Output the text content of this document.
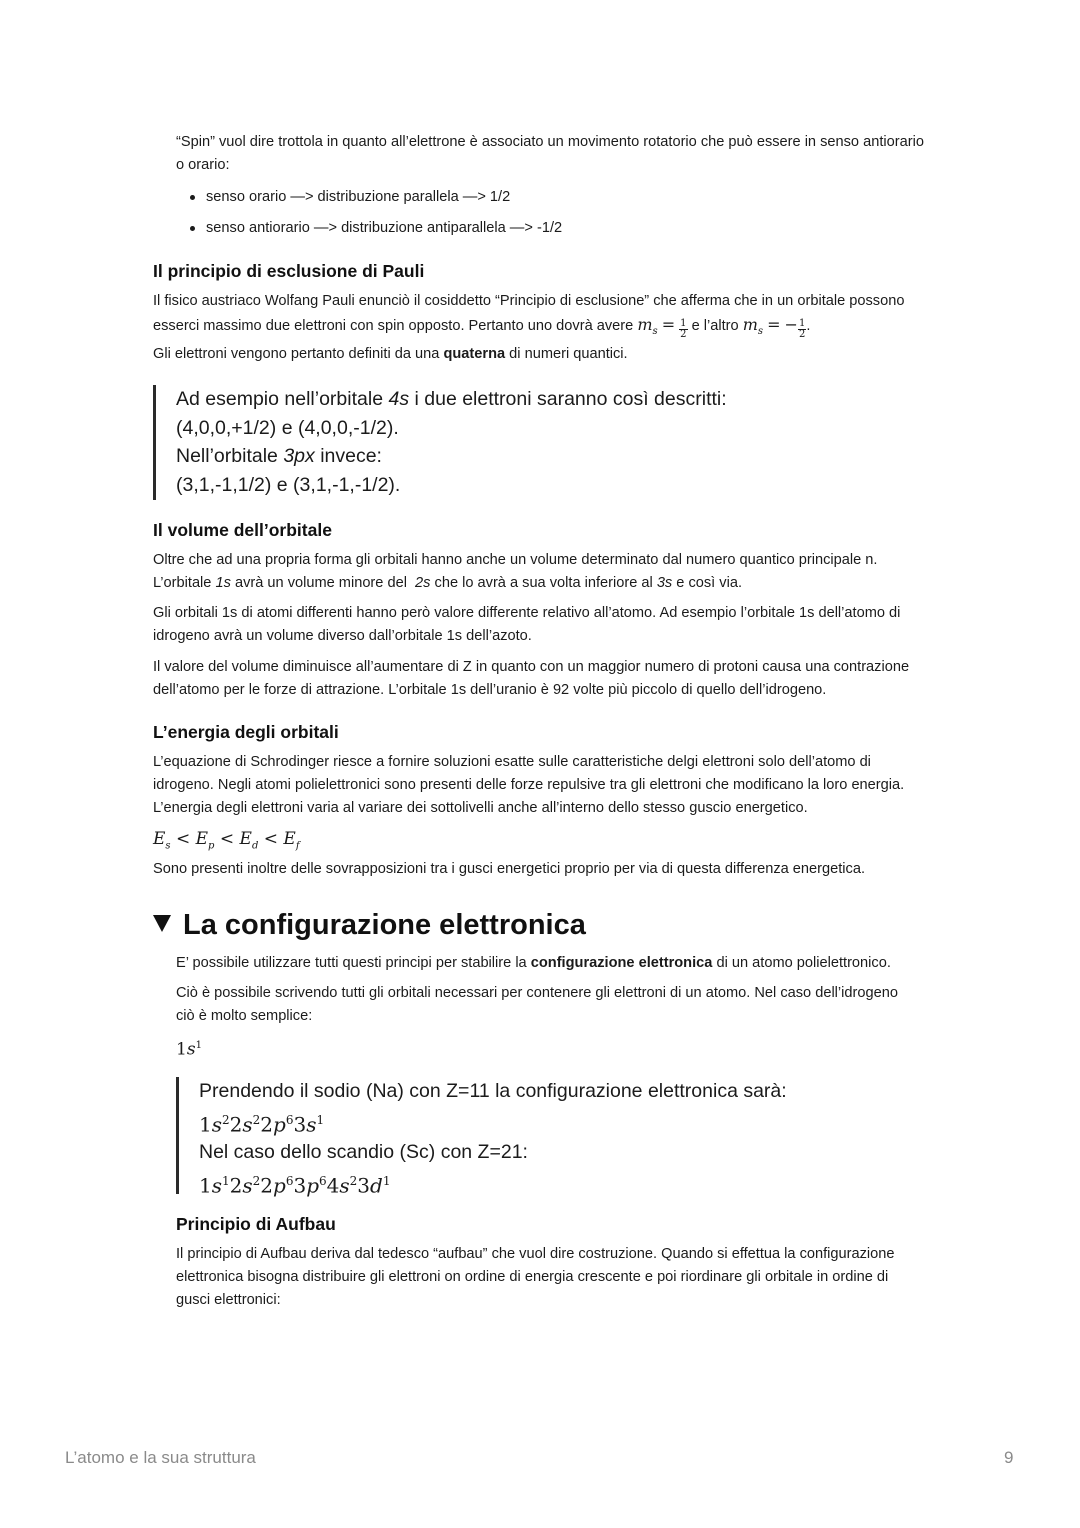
“Spin” vuol dire trottola in quanto all’elettrone è associato un movimento rotatorio che può essere in senso antiorario o orario:

senso orario —> distribuzione parallela —> 1/2
senso antiorario —> distribuzione antiparallela —> -1/2
Il principio di esclusione di Pauli

Il fisico austriaco Wolfang Pauli enunciò il cosiddetto “Principio di esclusione” che afferma che in un orbitale possono

esserci massimo due elettroni con spin opposto. Pertanto uno dovrà avere $m_s = \frac{1}{2}$ e l’altro $m_s$ = − $\frac{1}{2}$ .

Gli elettroni vengono pertanto definiti da una quaterna di numeri quantici.

Ad esempio nell’orbitale 4s i due elettroni saranno così descritti:
(4,0,0,+1/2) e (4,0,0,-1/2).
Nell’orbitale 3px invece:
(3,1,-1,1/2) e (3,1,-1,-1/2).
Il volume dell’orbitale

Oltre che ad una propria forma gli orbitali hanno anche un volume determinato dal numero quantico principale n.

L’orbitale 1s avrà un volume minore del 2s che lo avrà a sua volta inferiore al 3s e così via.

Gli orbitali 1s di atomi differenti hanno però valore differente relativo all’atomo. Ad esempio l’orbitale 1s dell’atomo di

idrogeno avrà un volume diverso dall’orbitale 1s dell’azoto.

Il valore del volume diminuisce all’aumentare di Z in quanto con un maggior numero di protoni causa una contrazione

dell’atomo per le forze di attrazione. L’orbitale 1s dell’uranio è 92 volte più piccolo di quello dell’idrogeno.

L’energia degli orbitali

L’equazione di Schrodinger riesce a fornire soluzioni esatte sulle caratteristiche delgi elettroni solo dell’atomo di

idrogeno. Negli atomi polielettronici sono presenti delle forze repulsive tra gli elettroni che modificano la loro energia.

L’energia degli elettroni varia al variare dei sottolivelli anche all’interno dello stesso guscio energetico.

$E_s < E_p < E_d < E_f$

Sono presenti inoltre delle sovrapposizioni tra i gusci energetici proprio per via di questa differenza energetica.

La configurazione elettronica

E’ possibile utilizzare tutti questi principi per stabilire la configurazione elettronica di un atomo polielettronico.

Ciò è possibile scrivendo tutti gli orbitali necessari per contenere gli elettroni di un atomo. Nel caso dell’idrogeno

ciò è molto semplice:

$1s^1$
Prendendo il sodio (Na) con Z=11 la configurazione elettronica sarà:
$1s^22s^22p^63s^1$
Nel caso dello scandio (Sc) con Z=21:
$1s^12s^22p^63p^64s^23d^1$
Principio di Aufbau

Il principio di Aufbau deriva dal tedesco “aufbau” che vuol dire costruzione. Quando si effettua la configurazione

elettronica bisogna distribuire gli elettroni on ordine di energia crescente e poi riordinare gli orbitale in ordine di

gusci elettronici:

L’atomo e la sua struttura	9
